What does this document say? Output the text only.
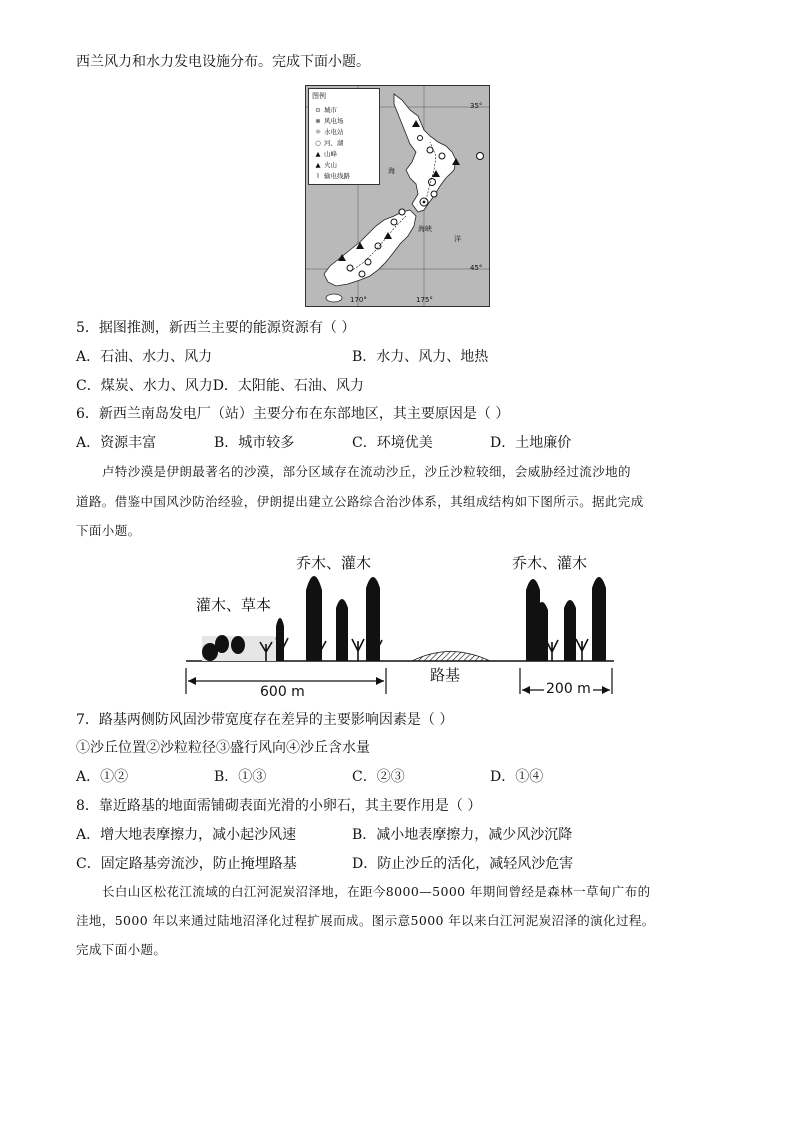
西兰风力和水力发电设施分布。完成下面小题。
图例
⊙ 城市
⊗ 风电场
☼ 水电站
○ 河、湖
▲ 山峰
▲ 火山
⌇ 输电线路
35°
45°
170°	175°
海
海峡
洋
5．据图推测，新西兰主要的能源资源有（ ）
A．石油、水力、风力	B．水力、风力、地热
C．煤炭、水力、风力D．太阳能、石油、风力
6．新西兰南岛发电厂（站）主要分布在东部地区，其主要原因是（ ）
A．资源丰富	B．城市较多	C．环境优美	D．土地廉价
卢特沙漠是伊朗最著名的沙漠，部分区域存在流动沙丘，沙丘沙粒较细，会威胁经过流沙地的
道路。借鉴中国风沙防治经验，伊朗提出建立公路综合治沙体系，其组成结构如下图所示。据此完成
下面小题。
灌木、草本
乔木、灌木	乔木、灌木
路基
600 m	200 m
7．路基两侧防风固沙带宽度存在差异的主要影响因素是（ ）
①沙丘位置②沙粒粒径③盛行风向④沙丘含水量
A．①②	B．①③	C．②③	D．①④
8．靠近路基的地面需铺砌表面光滑的小卵石，其主要作用是（ ）
A．增大地表摩擦力，减小起沙风速	B．减小地表摩擦力，减少风沙沉降
C．固定路基旁流沙，防止掩埋路基	D．防止沙丘的活化，减轻风沙危害
长白山区松花江流域的白江河泥炭沼泽地，在距今8000—5000 年期间曾经是森林一草甸广布的
洼地，5000 年以来通过陆地沼泽化过程扩展而成。图示意5000 年以来白江河泥炭沼泽的演化过程。
完成下面小题。
